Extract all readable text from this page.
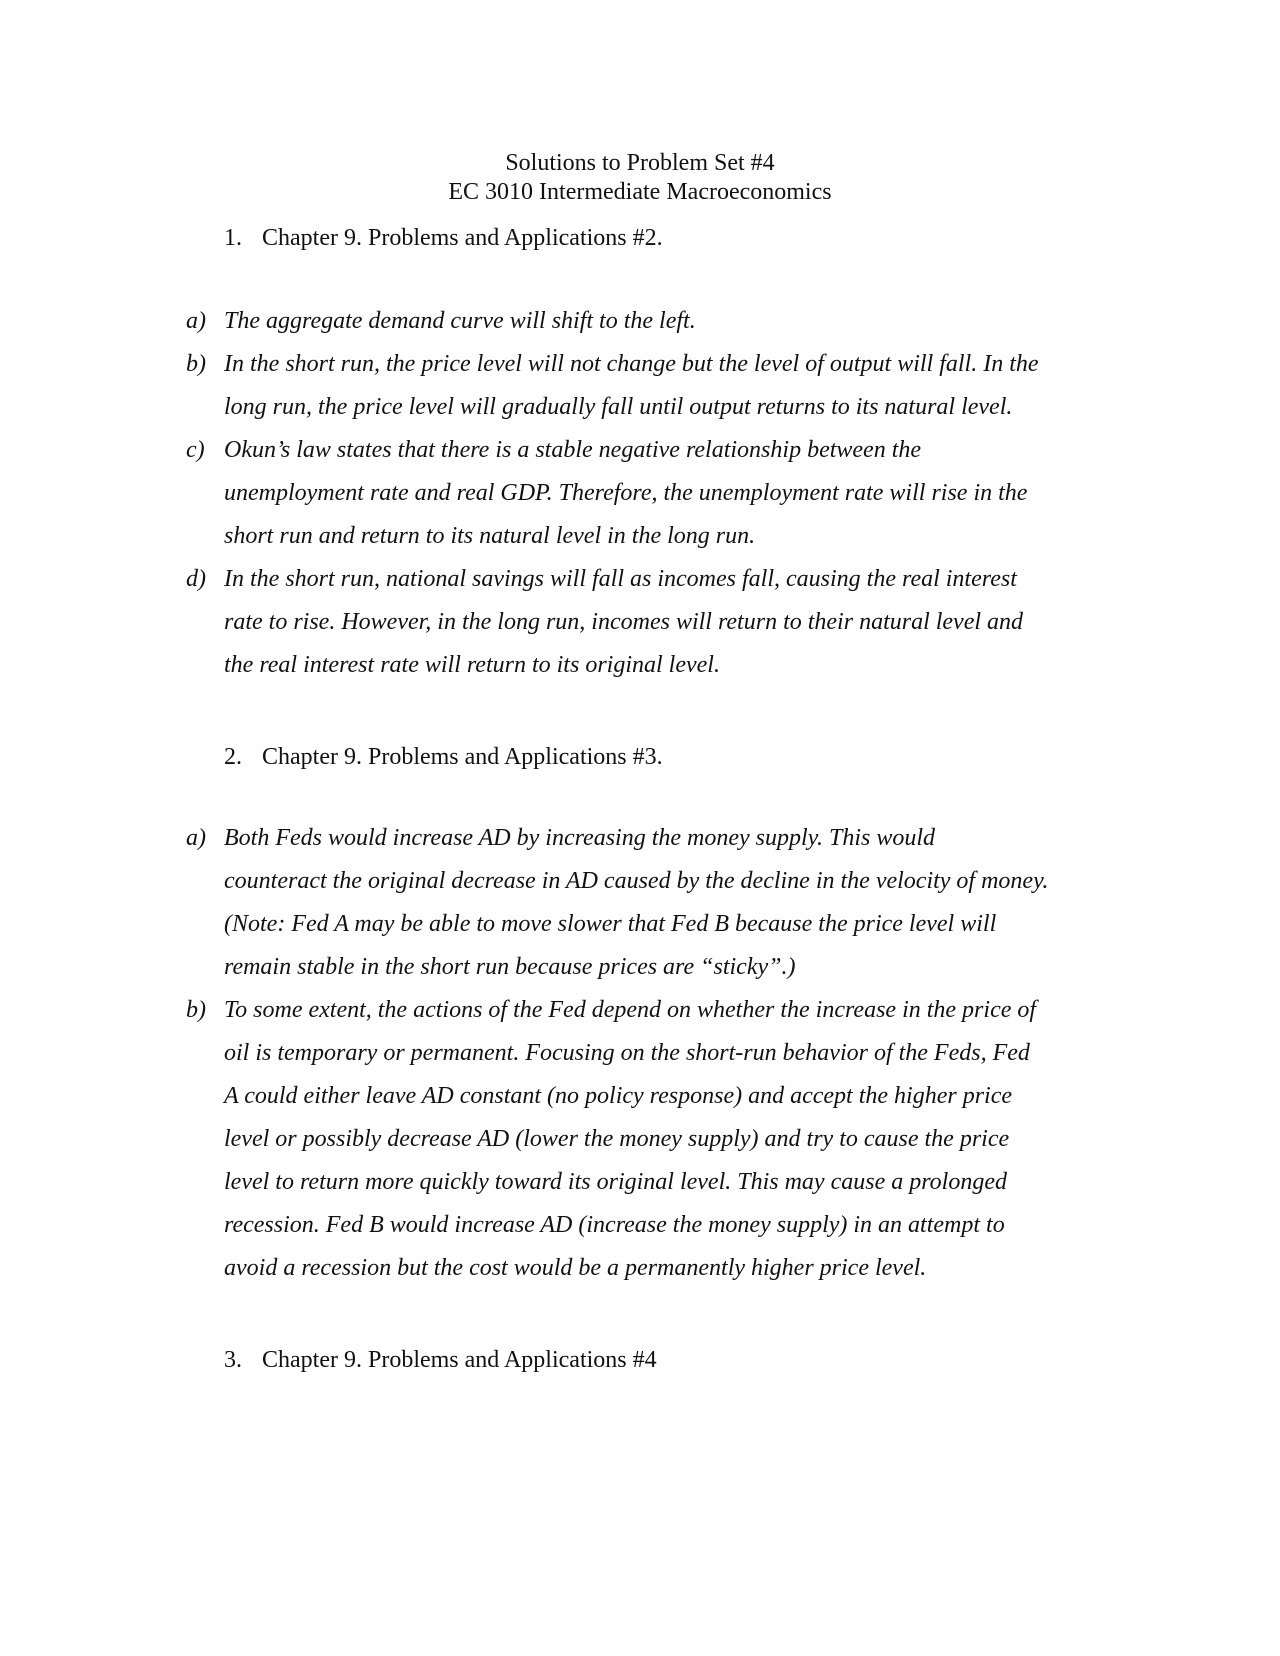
Solutions to Problem Set #4
EC 3010 Intermediate Macroeconomics
1. Chapter 9. Problems and Applications #2.
a) The aggregate demand curve will shift to the left.
b) In the short run, the price level will not change but the level of output will fall. In the
long run, the price level will gradually fall until output returns to its natural level.
c) Okun’s law states that there is a stable negative relationship between the
unemployment rate and real GDP. Therefore, the unemployment rate will rise in the
short run and return to its natural level in the long run.
d) In the short run, national savings will fall as incomes fall, causing the real interest
rate to rise. However, in the long run, incomes will return to their natural level and
the real interest rate will return to its original level.
2. Chapter 9. Problems and Applications #3.
a) Both Feds would increase AD by increasing the money supply. This would
counteract the original decrease in AD caused by the decline in the velocity of money.
(Note: Fed A may be able to move slower that Fed B because the price level will
remain stable in the short run because prices are “sticky”.)
b) To some extent, the actions of the Fed depend on whether the increase in the price of
oil is temporary or permanent. Focusing on the short-run behavior of the Feds, Fed
A could either leave AD constant (no policy response) and accept the higher price
level or possibly decrease AD (lower the money supply) and try to cause the price
level to return more quickly toward its original level. This may cause a prolonged
recession. Fed B would increase AD (increase the money supply) in an attempt to
avoid a recession but the cost would be a permanently higher price level.
3. Chapter 9. Problems and Applications #4
